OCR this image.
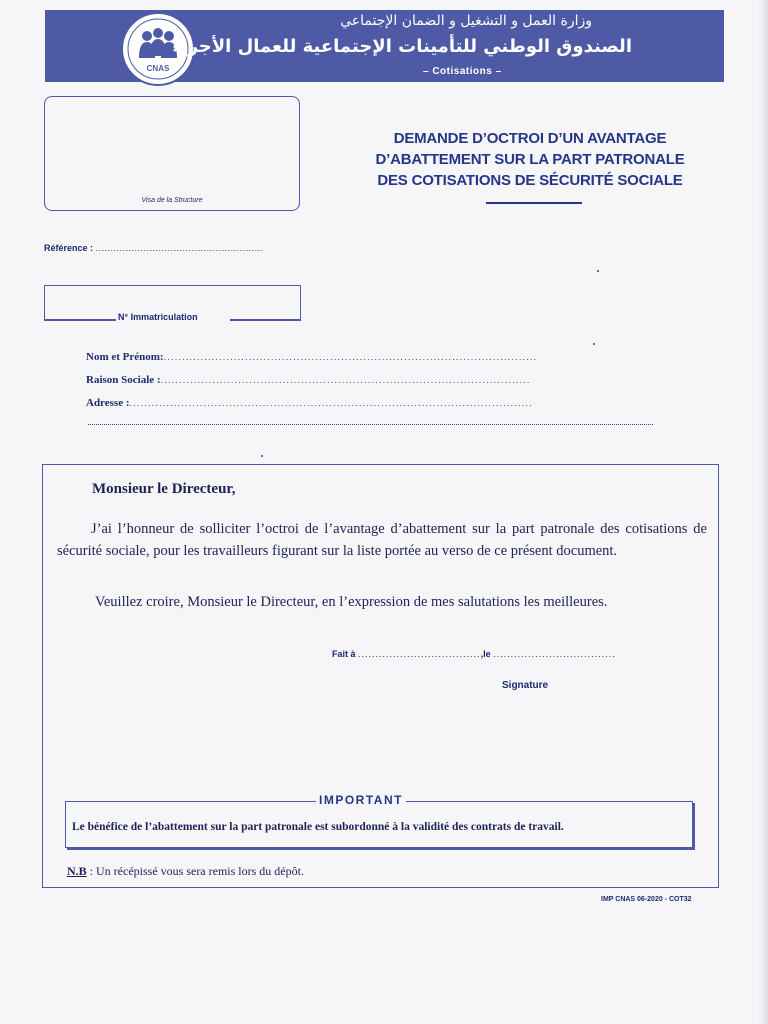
CNAS
وزارة العمل و التشغيل و الضمان الإجتماعي
الصندوق الوطني للتأمينات الإجتماعية للعمال الأجراء
– Cotisations –
Visa de la Structure
DEMANDE D’OCTROI D’UN AVANTAGE
D’ABATTEMENT SUR LA PART PATRONALE
DES COTISATIONS DE SÉCURITÉ SOCIALE
Référence : ........................................................
N° Immatriculation
Nom et Prénom:.....................................................................................................
Raison Sociale :....................................................................................................
Adresse :.............................................................................................................
Monsieur le Directeur,
J’ai l’honneur de solliciter l’octroi de l’avantage d’abattement sur la part patronale des cotisations de sécurité sociale, pour les travailleurs figurant sur la liste portée au verso de ce présent document.
Veuillez croire, Monsieur le Directeur, en l’expression de mes salutations les meilleures.
Fait à ...................................,le ...................................
Signature
IMPORTANT
Le bénéfice de l’abattement sur la part patronale est subordonné à la validité des contrats de travail.
N.B : Un récépissé vous sera remis lors du dépôt.
IMP CNAS 06-2020 - COT32
